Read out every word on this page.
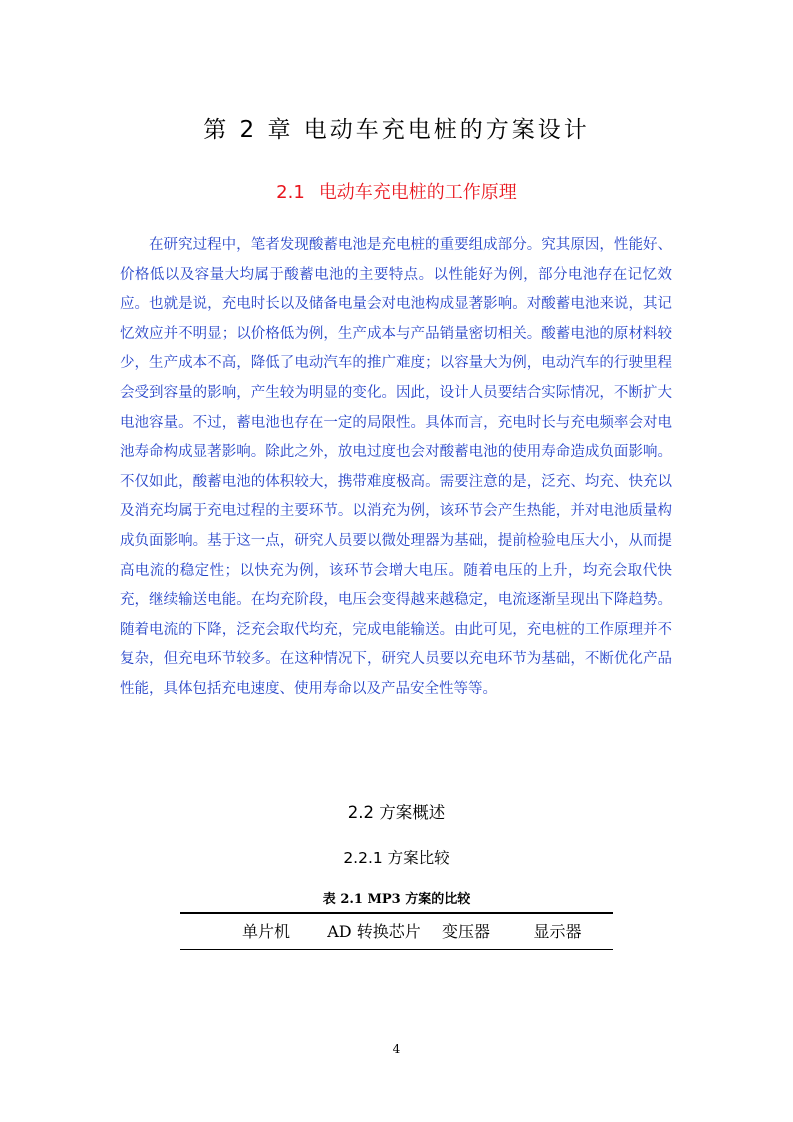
第 2 章 电动车充电桩的方案设计
2.1 电动车充电桩的工作原理

在研究过程中，笔者发现酸蓄电池是充电桩的重要组成部分。究其原因，性能好、价格低以及容量大均属于酸蓄电池的主要特点。以性能好为例，部分电池存在记忆效应。也就是说，充电时长以及储备电量会对电池构成显著影响。对酸蓄电池来说，其记忆效应并不明显；以价格低为例，生产成本与产品销量密切相关。酸蓄电池的原材料较少，生产成本不高，降低了电动汽车的推广难度；以容量大为例，电动汽车的行驶里程会受到容量的影响，产生较为明显的变化。因此，设计人员要结合实际情况，不断扩大电池容量。不过，蓄电池也存在一定的局限性。具体而言，充电时长与充电频率会对电池寿命构成显著影响。除此之外，放电过度也会对酸蓄电池的使用寿命造成负面影响。不仅如此，酸蓄电池的体积较大，携带难度极高。需要注意的是，泛充、均充、快充以及消充均属于充电过程的主要环节。以消充为例，该环节会产生热能，并对电池质量构成负面影响。基于这一点，研究人员要以微处理器为基础，提前检验电压大小，从而提高电流的稳定性；以快充为例，该环节会增大电压。随着电压的上升，均充会取代快充，继续输送电能。在均充阶段，电压会变得越来越稳定，电流逐渐呈现出下降趋势。随着电流的下降，泛充会取代均充，完成电能输送。由此可见，充电桩的工作原理并不复杂，但充电环节较多。在这种情况下，研究人员要以充电环节为基础，不断优化产品性能，具体包括充电速度、使用寿命以及产品安全性等等。

2.2 方案概述
2.2.1 方案比较
表 2.1 MP3 方案的比较
单片机	AD 转换芯片	变压器	显示器
4
